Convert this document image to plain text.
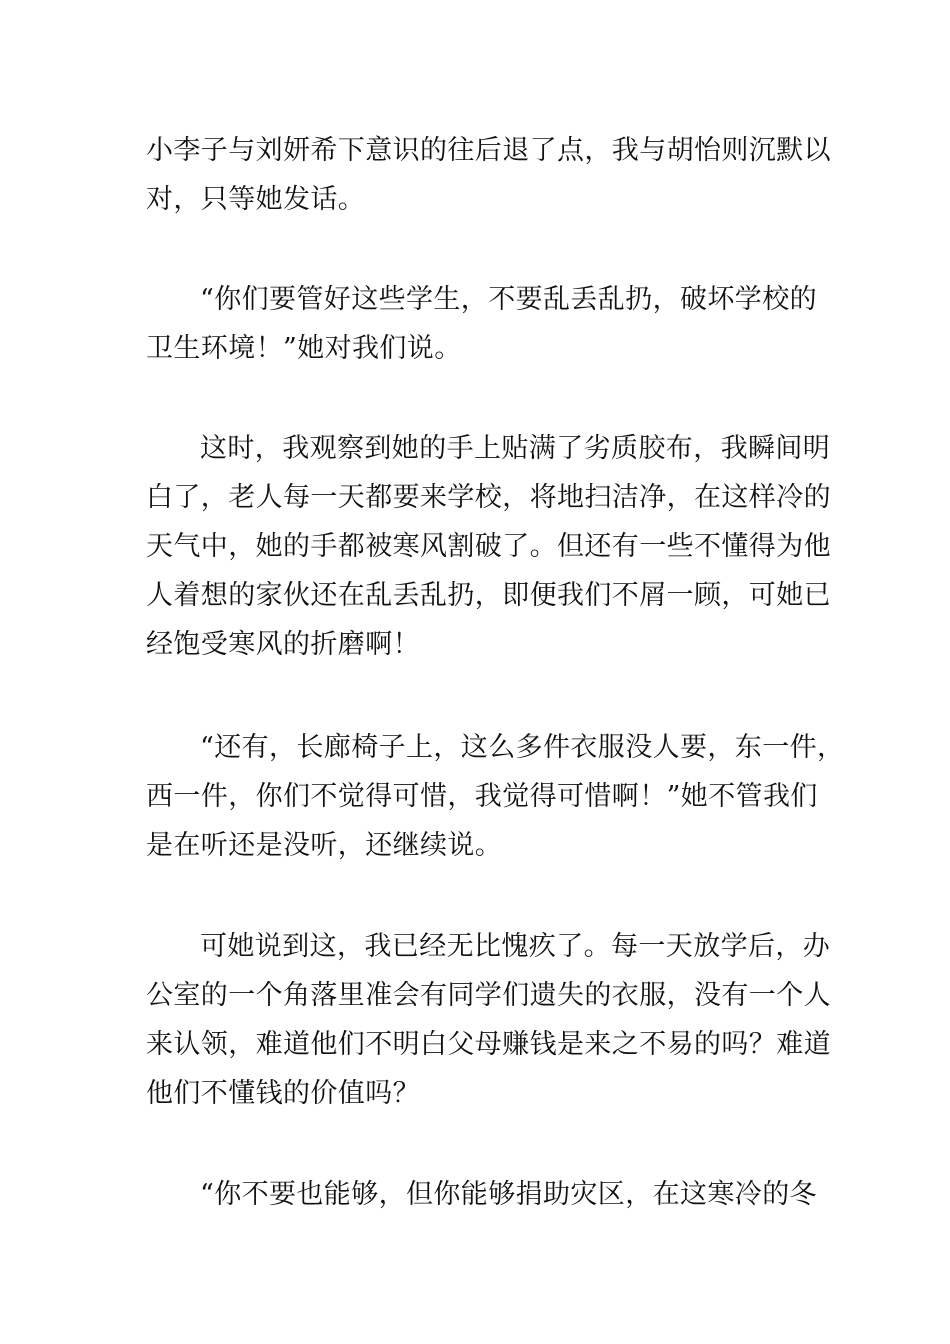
小李子与刘妍希下意识的往后退了点，我与胡怡则沉默以
对，只等她发话。

“你们要管好这些学生，不要乱丢乱扔，破坏学校的
卫生环境！”她对我们说。

这时，我观察到她的手上贴满了劣质胶布，我瞬间明
白了，老人每一天都要来学校，将地扫洁净，在这样冷的
天气中，她的手都被寒风割破了。但还有一些不懂得为他
人着想的家伙还在乱丢乱扔，即便我们不屑一顾，可她已
经饱受寒风的折磨啊！

“还有，长廊椅子上，这么多件衣服没人要，东一件，
西一件，你们不觉得可惜，我觉得可惜啊！”她不管我们
是在听还是没听，还继续说。

可她说到这，我已经无比愧疚了。每一天放学后，办
公室的一个角落里准会有同学们遗失的衣服，没有一个人
来认领，难道他们不明白父母赚钱是来之不易的吗？难道
他们不懂钱的价值吗？

“你不要也能够，但你能够捐助灾区，在这寒冷的冬
